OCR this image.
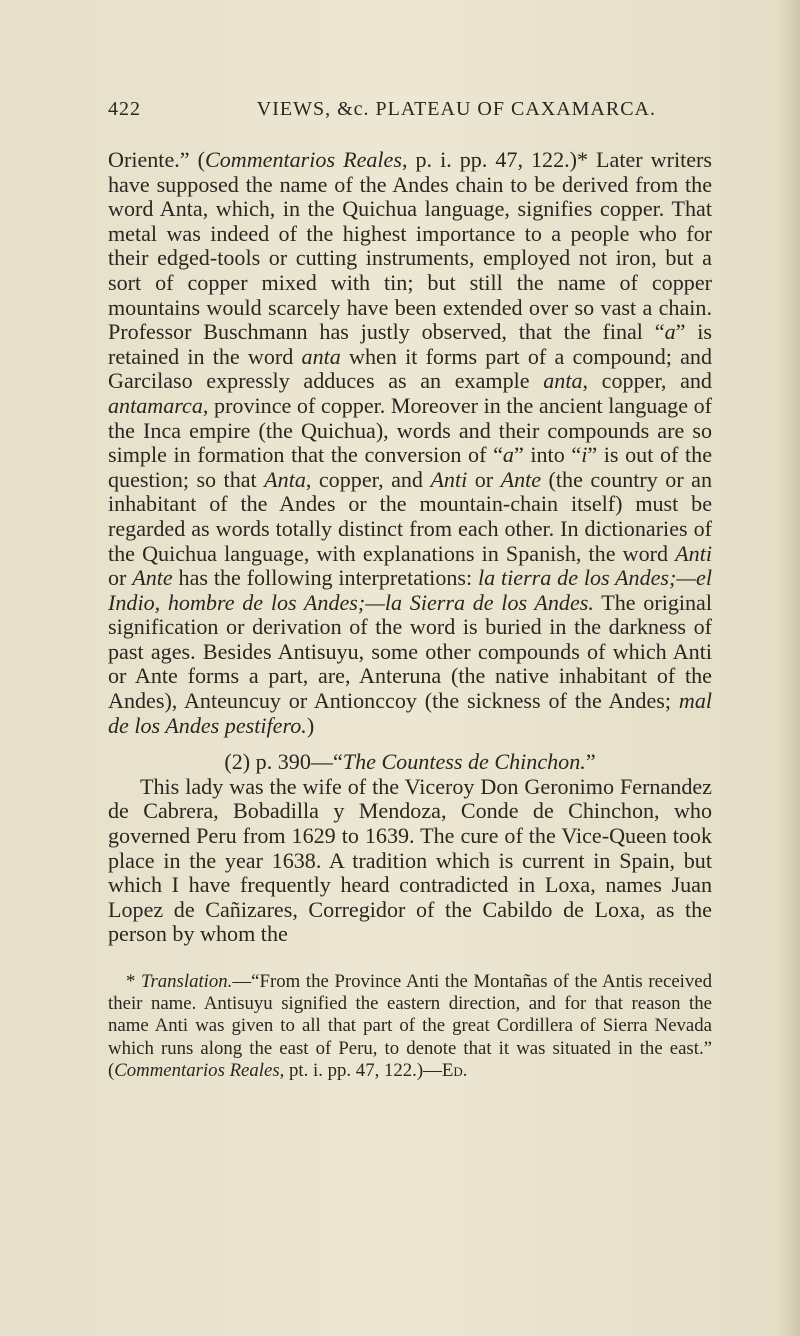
422	VIEWS, &c. PLATEAU OF CAXAMARCA.

Oriente.” (Commentarios Reales, p. i. pp. 47, 122.)* Later writers have supposed the name of the Andes chain to be derived from the word Anta, which, in the Quichua language, signifies copper. That metal was indeed of the highest importance to a people who for their edged-tools or cutting instruments, employed not iron, but a sort of copper mixed with tin; but still the name of copper mountains would scarcely have been extended over so vast a chain. Professor Buschmann has justly observed, that the final “a” is retained in the word anta when it forms part of a compound; and Garcilaso expressly adduces as an example anta, copper, and antamarca, province of copper. Moreover in the ancient language of the Inca empire (the Quichua), words and their compounds are so simple in formation that the conversion of “a” into “i” is out of the question; so that Anta, copper, and Anti or Ante (the country or an inhabitant of the Andes or the mountain-chain itself) must be regarded as words totally distinct from each other. In dictionaries of the Quichua language, with explanations in Spanish, the word Anti or Ante has the following interpretations: la tierra de los Andes;—el Indio, hombre de los Andes;—la Sierra de los Andes. The original signification or derivation of the word is buried in the darkness of past ages. Besides Antisuyu, some other compounds of which Anti or Ante forms a part, are, Anteruna (the native inhabitant of the Andes), Anteuncuy or Antionccoy (the sickness of the Andes; mal de los Andes pestifero.)

(2) p. 390—“The Countess de Chinchon.”

This lady was the wife of the Viceroy Don Geronimo Fernandez de Cabrera, Bobadilla y Mendoza, Conde de Chinchon, who governed Peru from 1629 to 1639. The cure of the Vice-Queen took place in the year 1638. A tradition which is current in Spain, but which I have frequently heard contradicted in Loxa, names Juan Lopez de Cañizares, Corregidor of the Cabildo de Loxa, as the person by whom the

* Translation.—“From the Province Anti the Montañas of the Antis received their name. Antisuyu signified the eastern direction, and for that reason the name Anti was given to all that part of the great Cordillera of Sierra Nevada which runs along the east of Peru, to denote that it was situated in the east.” (Commentarios Reales, pt. i. pp. 47, 122.)—Ed.
